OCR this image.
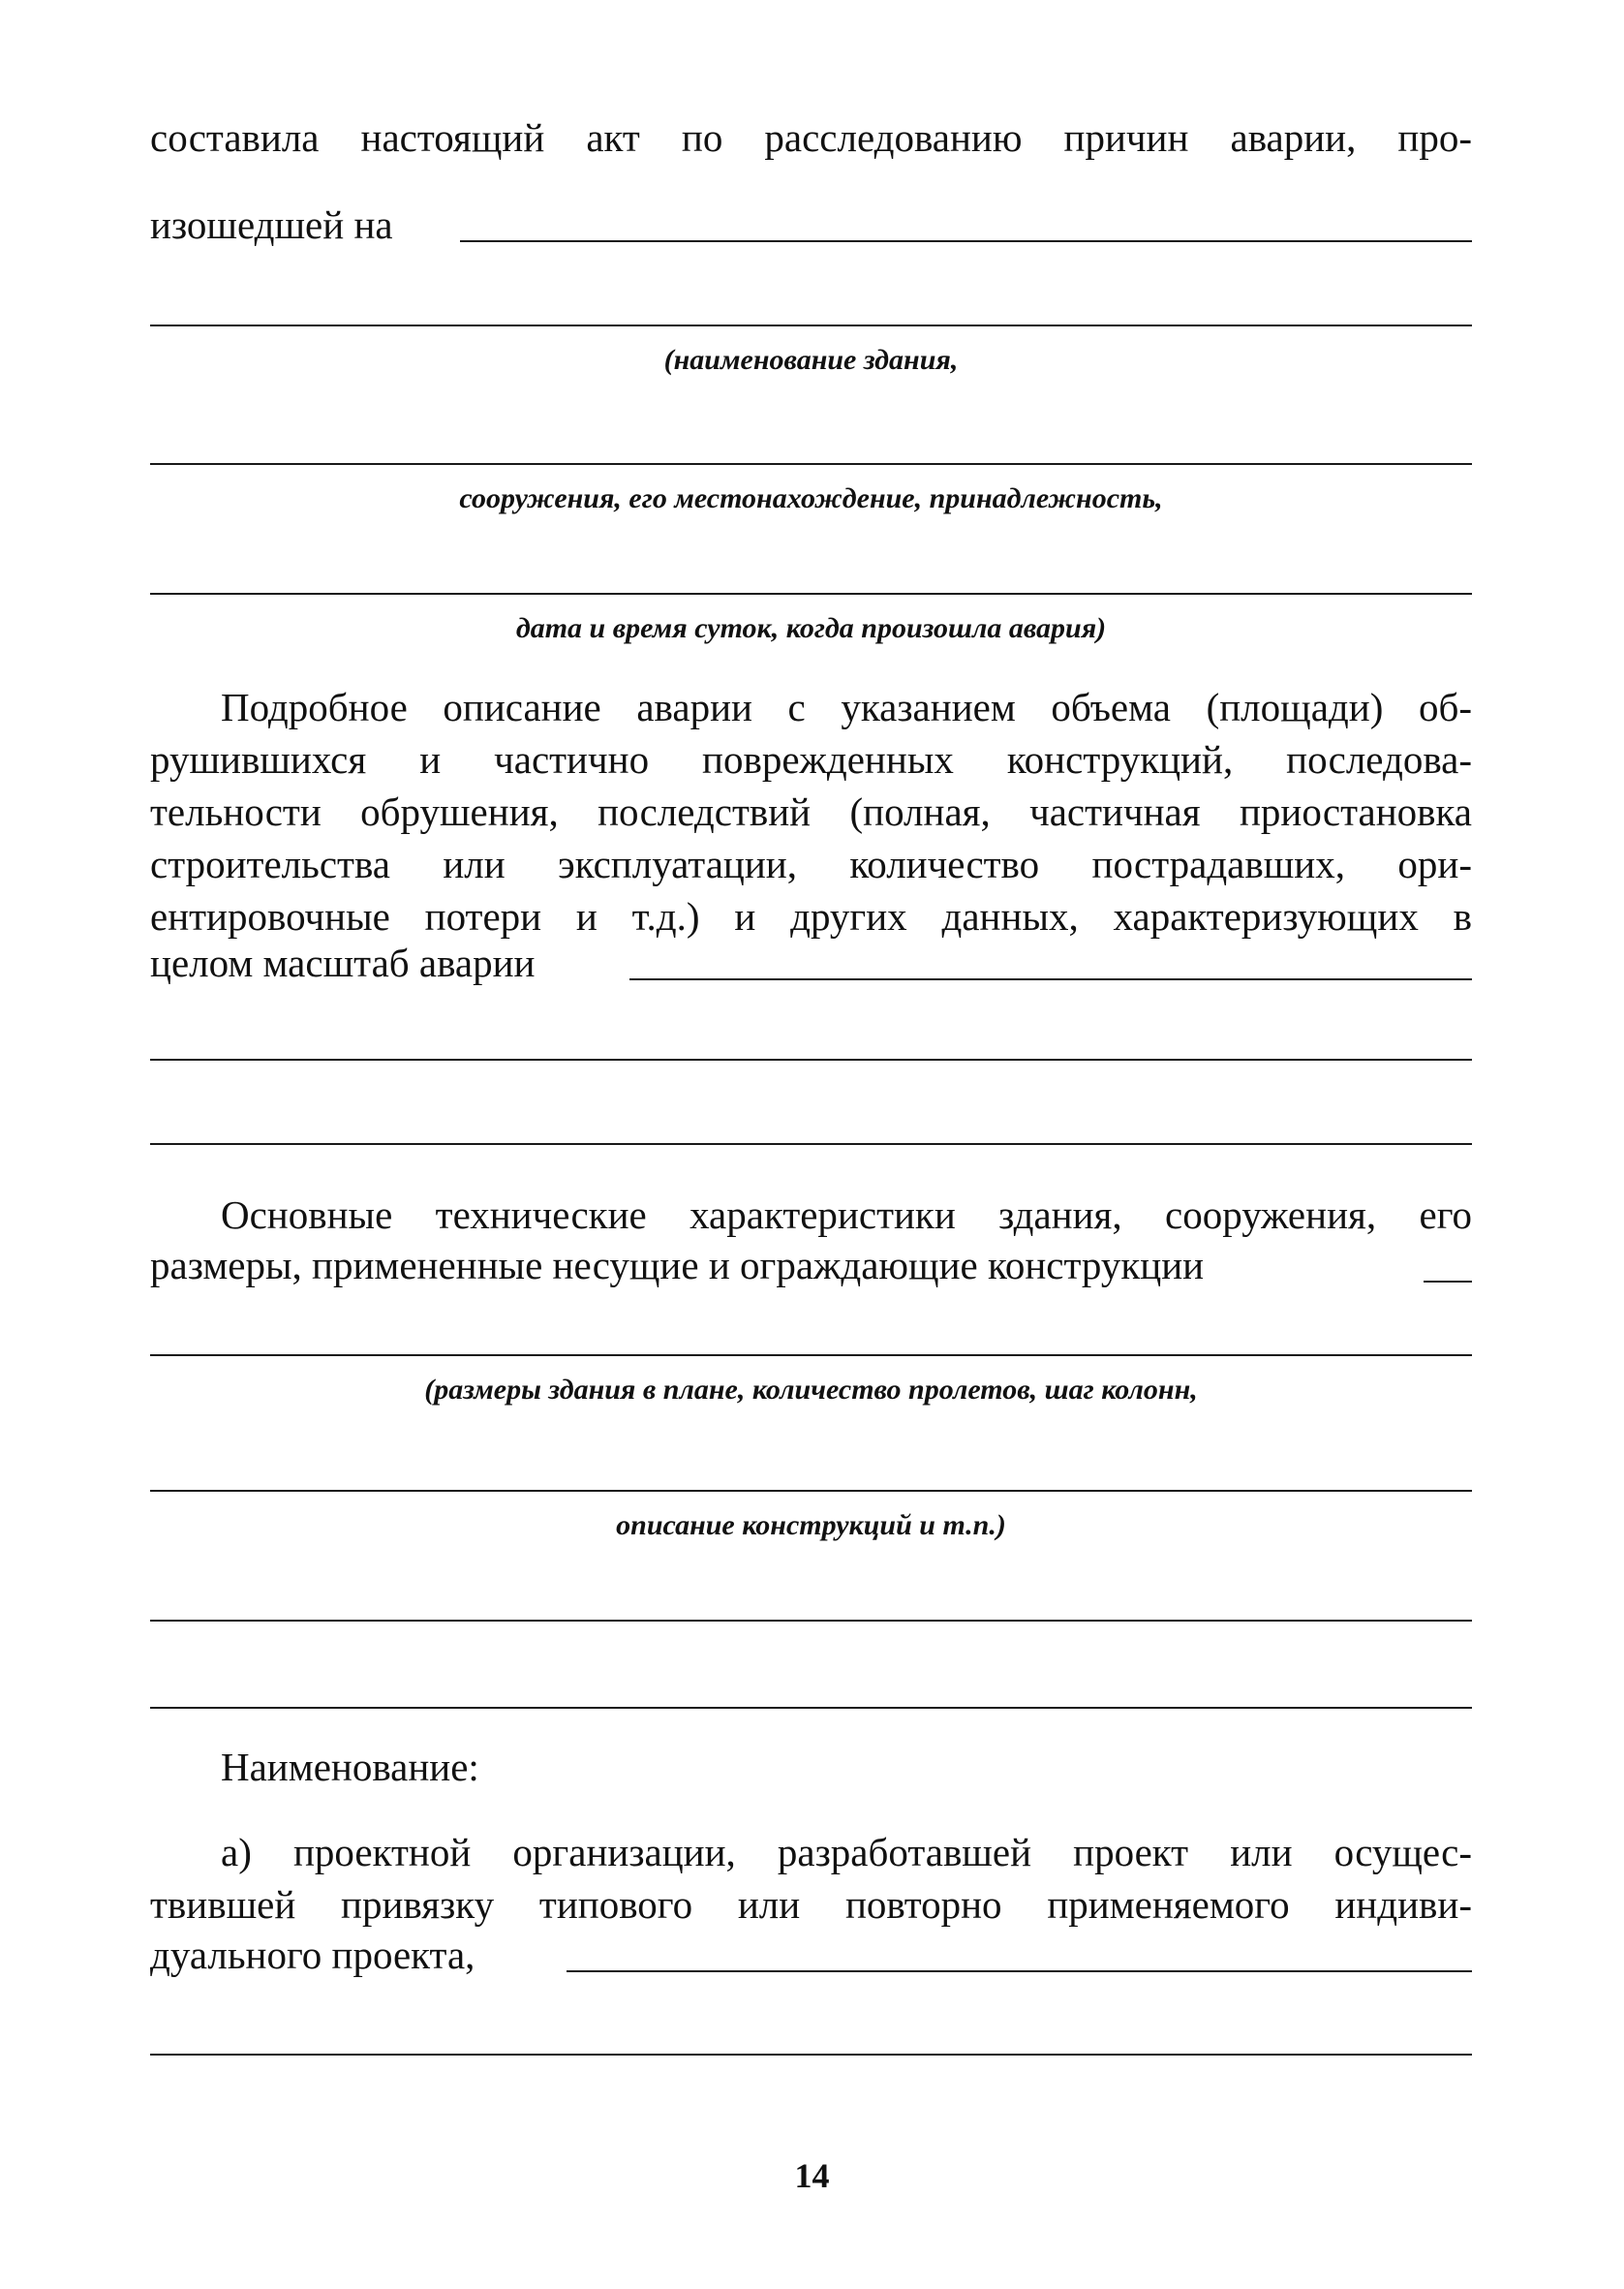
составила настоящий акт по расследованию причин аварии, про-
изошедшей на
(наименование здания,
сооружения, его местонахождение, принадлежность,
дата и время суток, когда произошла авария)
Подробное описание аварии с указанием объема (площади) об-
рушившихся и частично поврежденных конструкций, последова-
тельности обрушения, последствий (полная, частичная приостановка
строительства или эксплуатации, количество пострадавших, ори-
ентировочные потери и т.д.) и других данных, характеризующих в
целом масштаб аварии
Основные технические характеристики здания, сооружения, его
размеры, примененные несущие и ограждающие конструкции
(размеры здания в плане, количество пролетов, шаг колонн,
описание конструкций и т.п.)
Наименование:
а) проектной организации, разработавшей проект или осущес-
твившей привязку типового или повторно применяемого индиви-
дуального проекта,
14
